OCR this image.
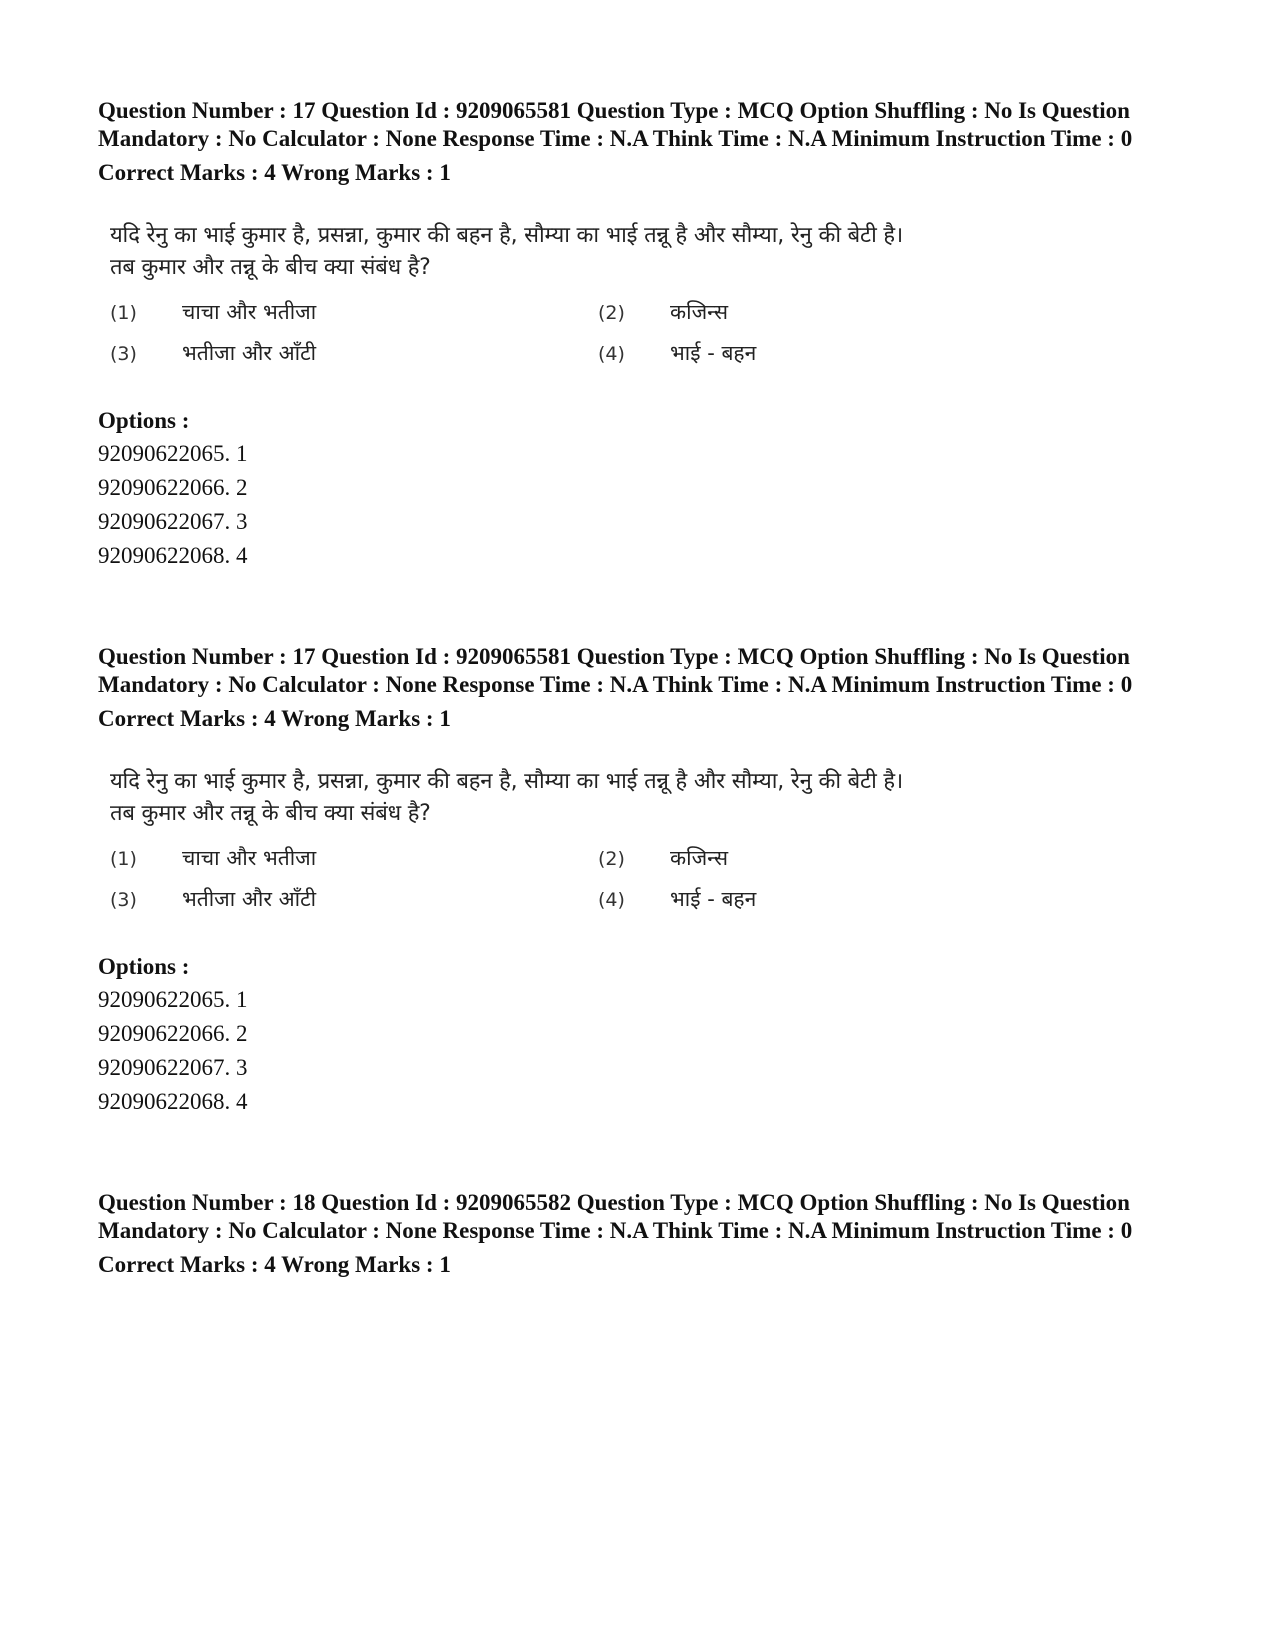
Question Number : 17 Question Id : 9209065581 Question Type : MCQ Option Shuffling : No Is Question Mandatory : No Calculator : None Response Time : N.A Think Time : N.A Minimum Instruction Time : 0

Correct Marks : 4 Wrong Marks : 1
यदि रेनु का भाई कुमार है, प्रसन्ना, कुमार की बहन है, सौम्या का भाई तन्नू है और सौम्या, रेनु की बेटी है।
तब कुमार और तन्नू के बीच क्या संबंध है?
(1) चाचा और भतीजा	(2) कजिन्स
(3) भतीजा और आँटी	(4) भाई - बहन
Options :

92090622065. 1

92090622066. 2

92090622067. 3

92090622068. 4

Question Number : 17 Question Id : 9209065581 Question Type : MCQ Option Shuffling : No Is Question Mandatory : No Calculator : None Response Time : N.A Think Time : N.A Minimum Instruction Time : 0

Correct Marks : 4 Wrong Marks : 1
यदि रेनु का भाई कुमार है, प्रसन्ना, कुमार की बहन है, सौम्या का भाई तन्नू है और सौम्या, रेनु की बेटी है।
तब कुमार और तन्नू के बीच क्या संबंध है?
(1) चाचा और भतीजा	(2) कजिन्स
(3) भतीजा और आँटी	(4) भाई - बहन
Options :

92090622065. 1

92090622066. 2

92090622067. 3

92090622068. 4

Question Number : 18 Question Id : 9209065582 Question Type : MCQ Option Shuffling : No Is Question Mandatory : No Calculator : None Response Time : N.A Think Time : N.A Minimum Instruction Time : 0

Correct Marks : 4 Wrong Marks : 1
